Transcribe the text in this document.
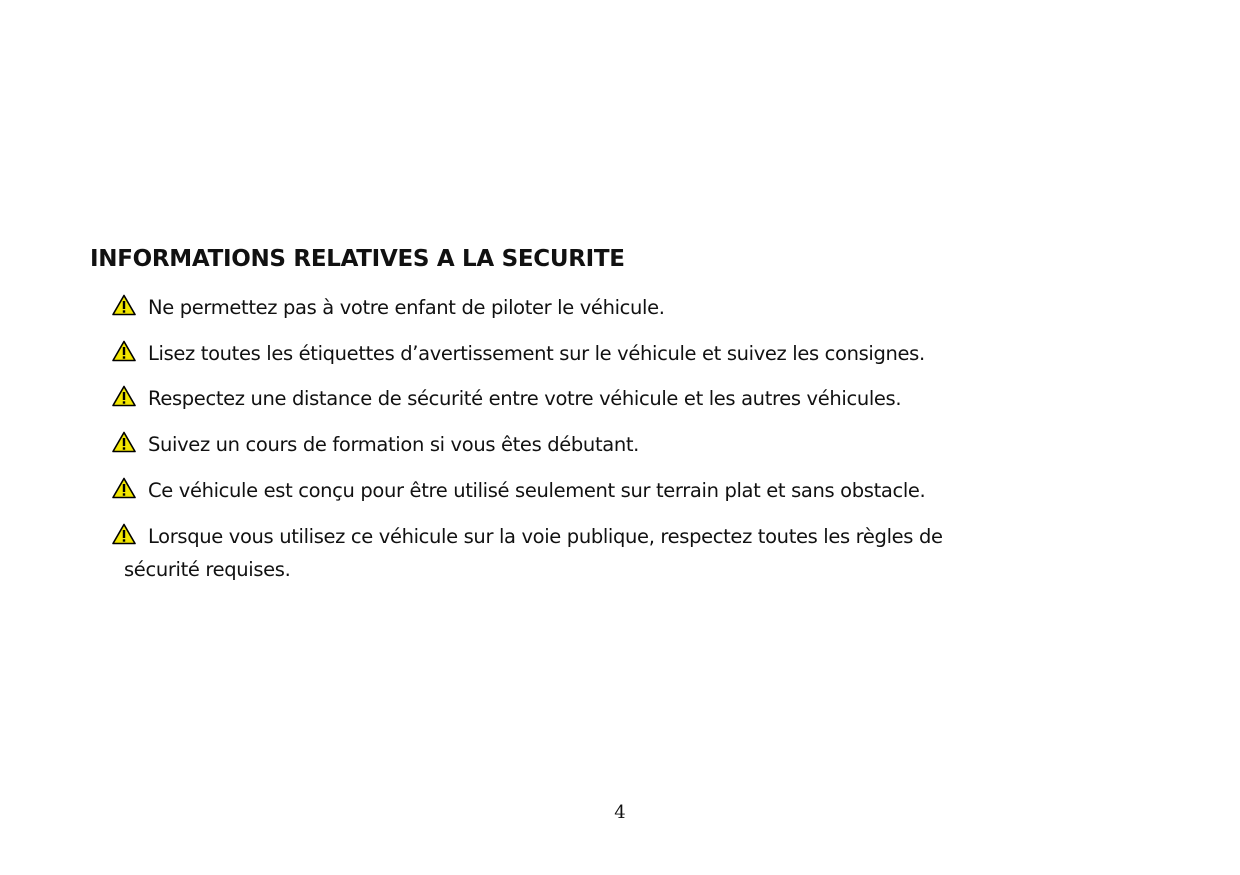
INFORMATIONS RELATIVES A LA SECURITE
Ne permettez pas à votre enfant de piloter le véhicule.
Lisez toutes les étiquettes d’avertissement sur le véhicule et suivez les consignes.
Respectez une distance de sécurité entre votre véhicule et les autres véhicules.
Suivez un cours de formation si vous êtes débutant.
Ce véhicule est conçu pour être utilisé seulement sur terrain plat et sans obstacle.
Lorsque vous utilisez ce véhicule sur la voie publique, respectez toutes les règles de
sécurité requises.
4
